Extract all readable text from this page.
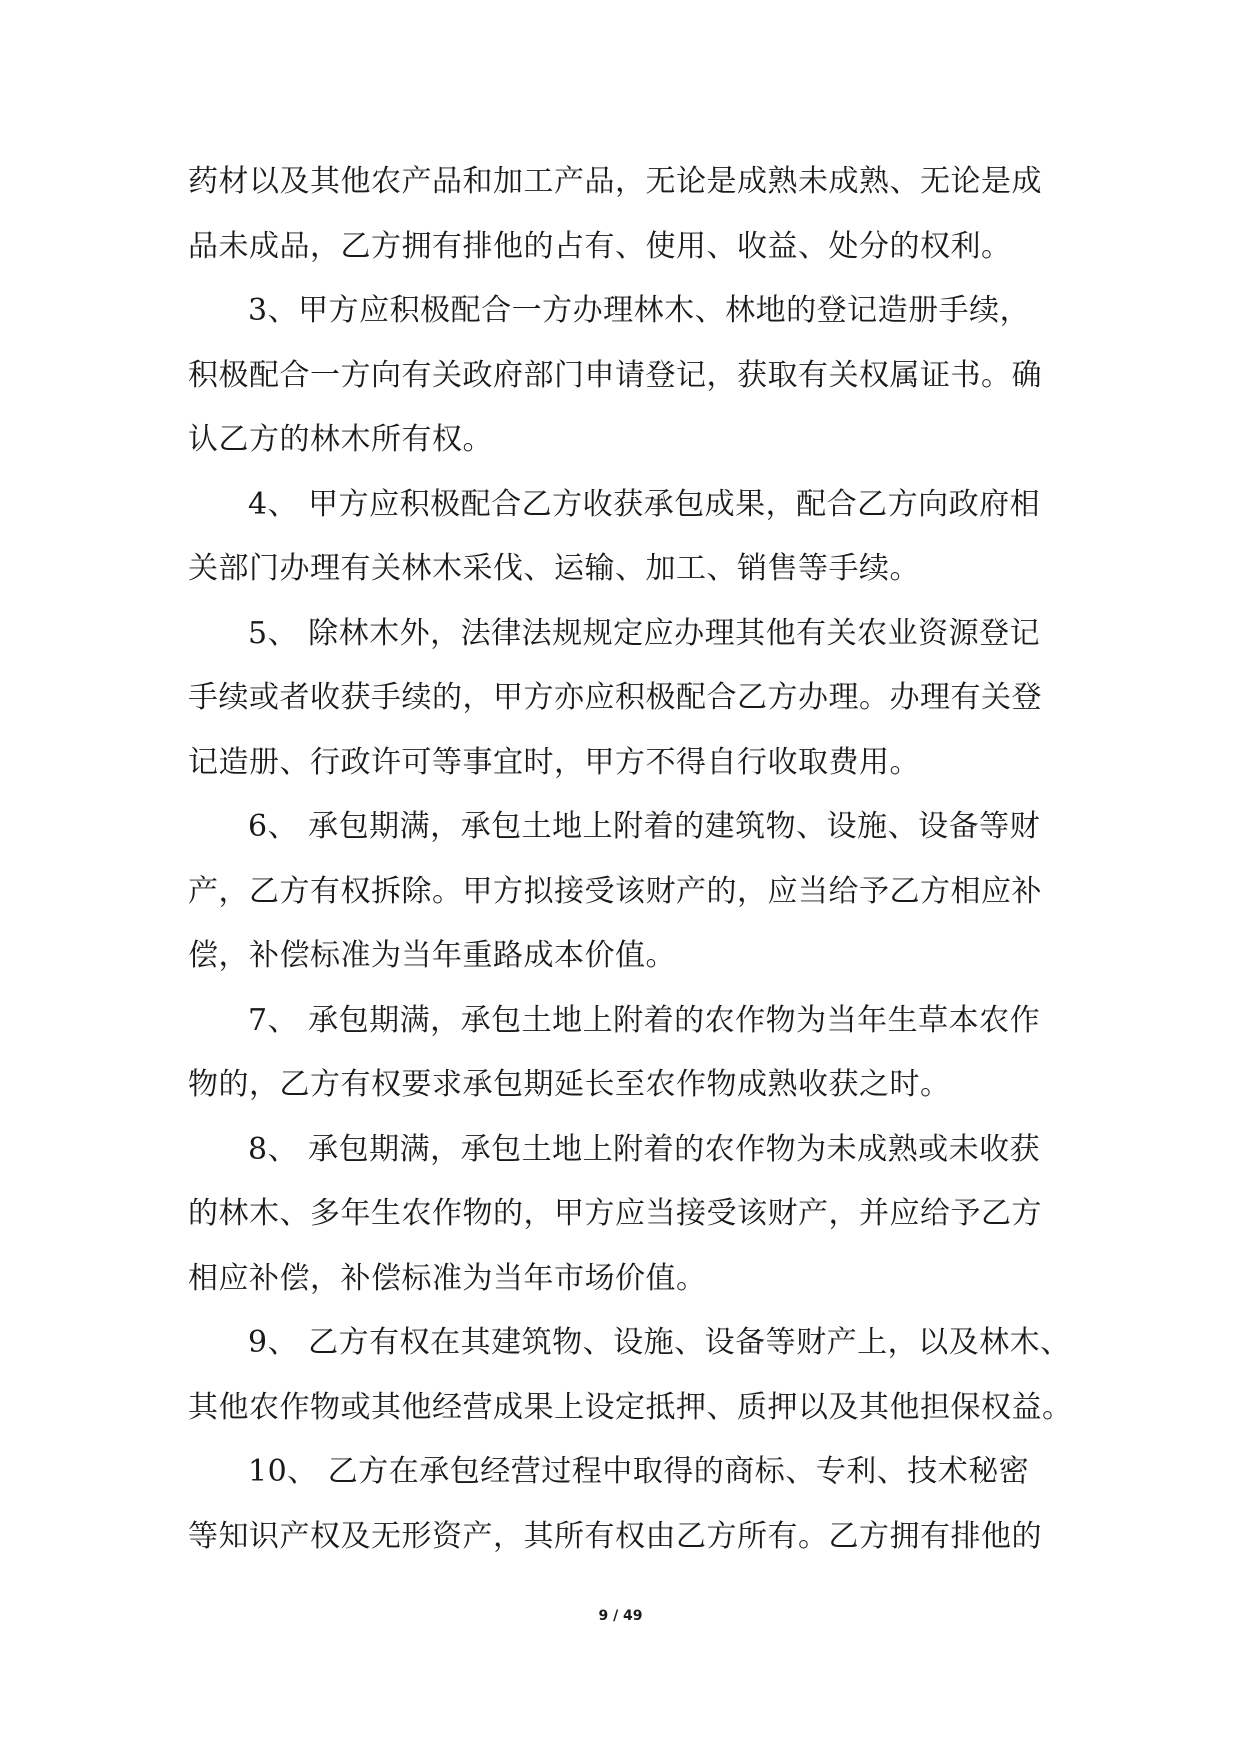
药材以及其他农产品和加工产品，无论是成熟未成熟、无论是成
品未成品，乙方拥有排他的占有、使用、收益、处分的权利。
3、甲方应积极配合一方办理林木、林地的登记造册手续，
积极配合一方向有关政府部门申请登记，获取有关权属证书。确
认乙方的林木所有权。
4、 甲方应积极配合乙方收获承包成果，配合乙方向政府相
关部门办理有关林木采伐、运输、加工、销售等手续。
5、 除林木外，法律法规规定应办理其他有关农业资源登记
手续或者收获手续的，甲方亦应积极配合乙方办理。办理有关登
记造册、行政许可等事宜时，甲方不得自行收取费用。
6、 承包期满，承包土地上附着的建筑物、设施、设备等财
产，乙方有权拆除。甲方拟接受该财产的，应当给予乙方相应补
偿，补偿标准为当年重路成本价值。
7、 承包期满，承包土地上附着的农作物为当年生草本农作
物的，乙方有权要求承包期延长至农作物成熟收获之时。
8、 承包期满，承包土地上附着的农作物为未成熟或未收获
的林木、多年生农作物的，甲方应当接受该财产，并应给予乙方
相应补偿，补偿标准为当年市场价值。
9、 乙方有权在其建筑物、设施、设备等财产上，以及林木、
其他农作物或其他经营成果上设定抵押、质押以及其他担保权益。
10、 乙方在承包经营过程中取得的商标、专利、技术秘密
等知识产权及无形资产，其所有权由乙方所有。乙方拥有排他的
9 / 49
